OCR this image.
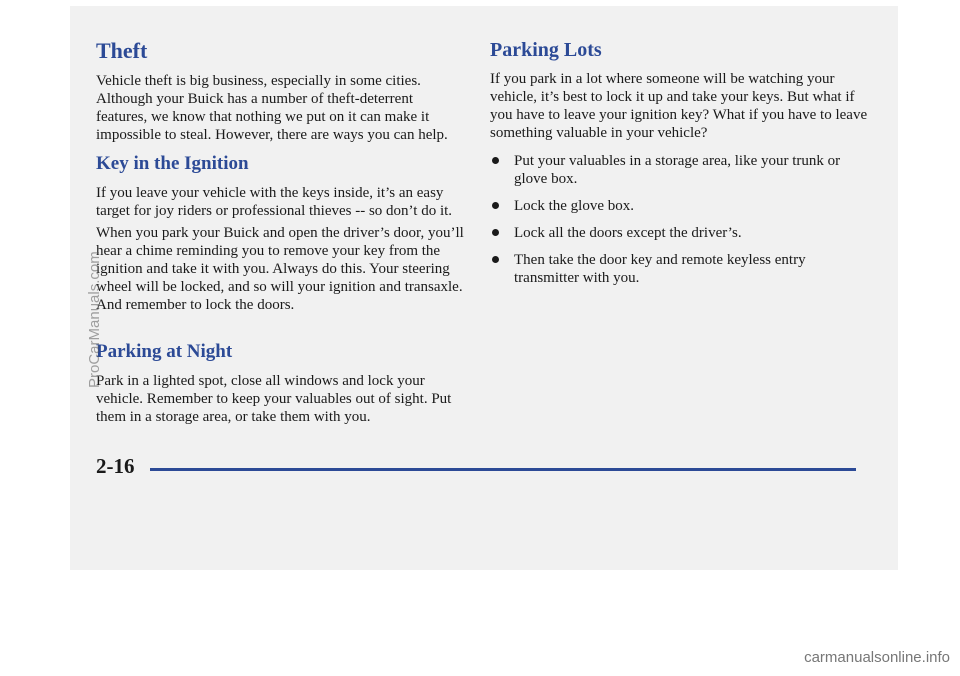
Theft

Vehicle theft is big business, especially in some cities. Although your Buick has a number of theft-deterrent features, we know that nothing we put on it can make it impossible to steal. However, there are ways you can help.

Key in the Ignition

If you leave your vehicle with the keys inside, it’s an easy target for joy riders or professional thieves -- so don’t do it.

When you park your Buick and open the driver’s door, you’ll hear a chime reminding you to remove your key from the ignition and take it with you. Always do this. Your steering wheel will be locked, and so will your ignition and transaxle. And remember to lock the doors.

Parking at Night

Park in a lighted spot, close all windows and lock your vehicle. Remember to keep your valuables out of sight. Put them in a storage area, or take them with you.

Parking Lots

If you park in a lot where someone will be watching your vehicle, it’s best to lock it up and take your keys. But what if you have to leave your ignition key? What if you have to leave something valuable in your vehicle?

Put your valuables in a storage area, like your trunk or glove box.
Lock the glove box.
Lock all the doors except the driver’s.
Then take the door key and remote keyless entry transmitter with you.
2-16
ProCarManuals.com
carmanualsonline.info
